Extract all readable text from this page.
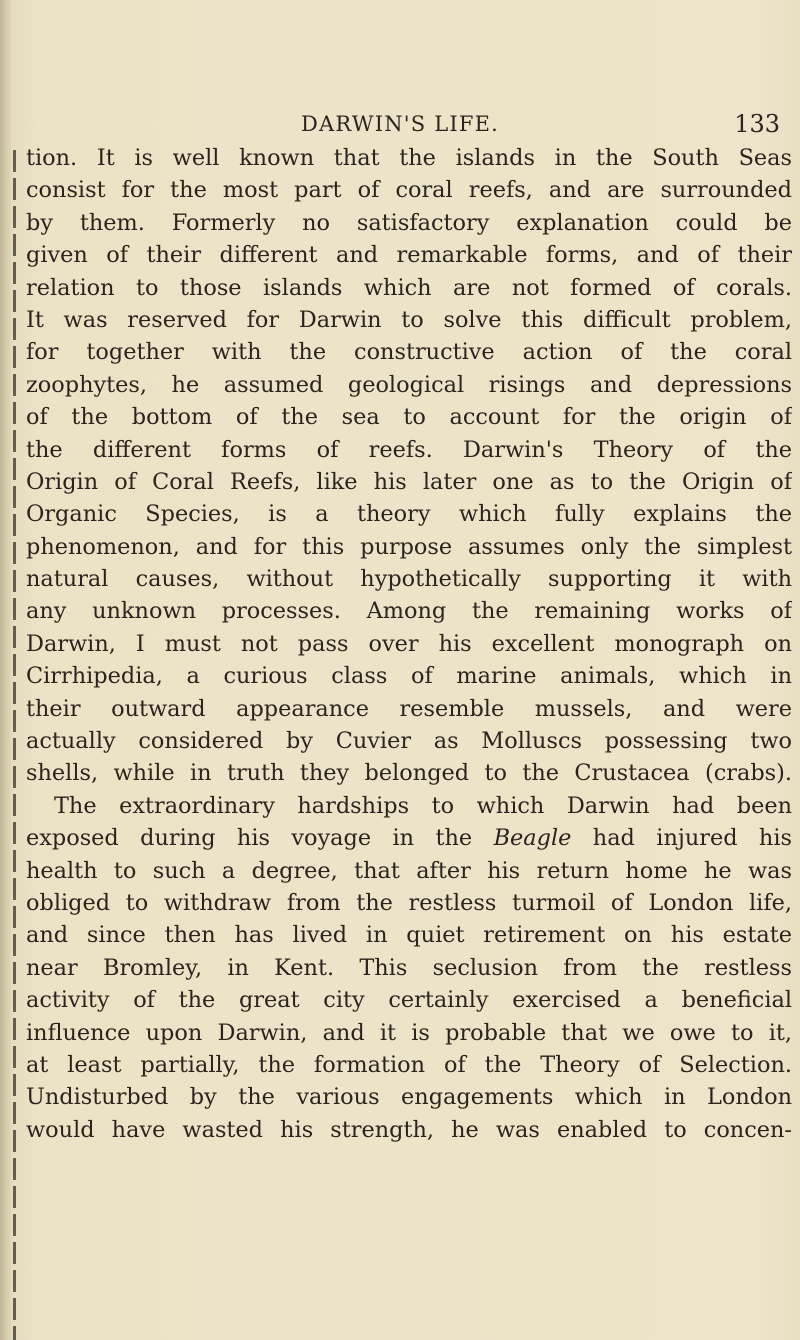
DARWIN'S LIFE.	133
tion. It is well known that the islands in the South Seas
consist for the most part of coral reefs, and are surrounded
by them. Formerly no satisfactory explanation could be
given of their different and remarkable forms, and of their
relation to those islands which are not formed of corals.
It was reserved for Darwin to solve this difficult problem,
for together with the constructive action of the coral
zoophytes, he assumed geological risings and depressions
of the bottom of the sea to account for the origin of
the different forms of reefs. Darwin's Theory of the
Origin of Coral Reefs, like his later one as to the Origin of
Organic Species, is a theory which fully explains the
phenomenon, and for this purpose assumes only the simplest
natural causes, without hypothetically supporting it with
any unknown processes. Among the remaining works of
Darwin, I must not pass over his excellent monograph on
Cirrhipedia, a curious class of marine animals, which in
their outward appearance resemble mussels, and were
actually considered by Cuvier as Molluscs possessing two
shells, while in truth they belonged to the Crustacea (crabs).
The extraordinary hardships to which Darwin had been
exposed during his voyage in the Beagle had injured his
health to such a degree, that after his return home he was
obliged to withdraw from the restless turmoil of London life,
and since then has lived in quiet retirement on his estate
near Bromley, in Kent. This seclusion from the restless
activity of the great city certainly exercised a beneficial
influence upon Darwin, and it is probable that we owe to it,
at least partially, the formation of the Theory of Selection.
Undisturbed by the various engagements which in London
would have wasted his strength, he was enabled to concen-
